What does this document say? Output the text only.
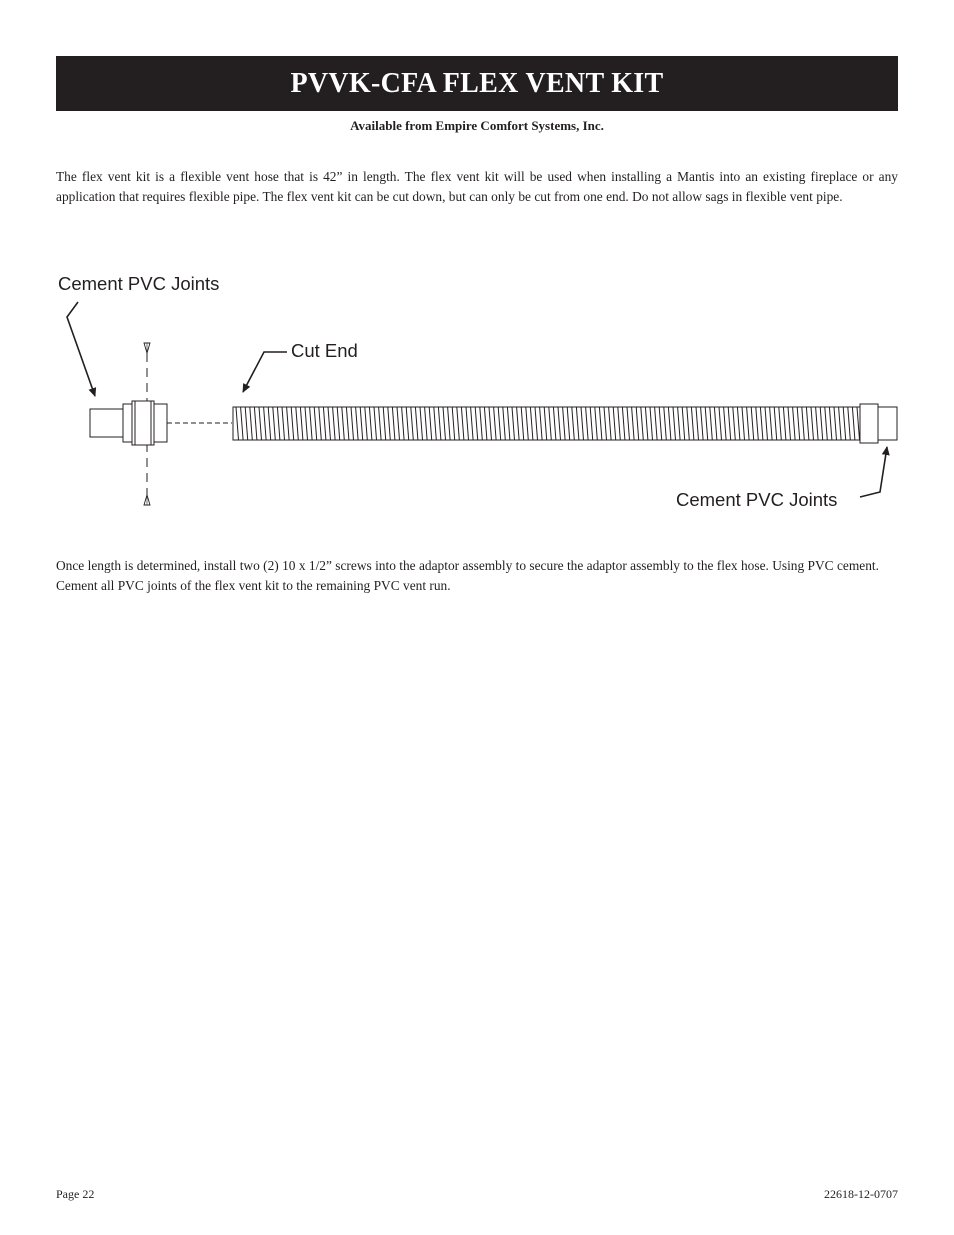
PVVK-CFA FLEX VENT KIT
Available from Empire Comfort Systems, Inc.

The flex vent kit is a flexible vent hose that is 42” in length. The flex vent kit will be used when installing a Mantis into an existing fireplace or any application that requires flexible pipe. The flex vent kit can be cut down, but can only be cut from one end. Do not allow sags in flexible vent pipe.

Cement PVC Joints
Cut End
Cement PVC Joints

Once length is determined, install two (2) 10 x 1/2” screws into the adaptor assembly to secure the adaptor assembly to the flex hose. Using PVC cement. Cement all PVC joints of the flex vent kit to the remaining PVC vent run.

Page 22	22618-12-0707
